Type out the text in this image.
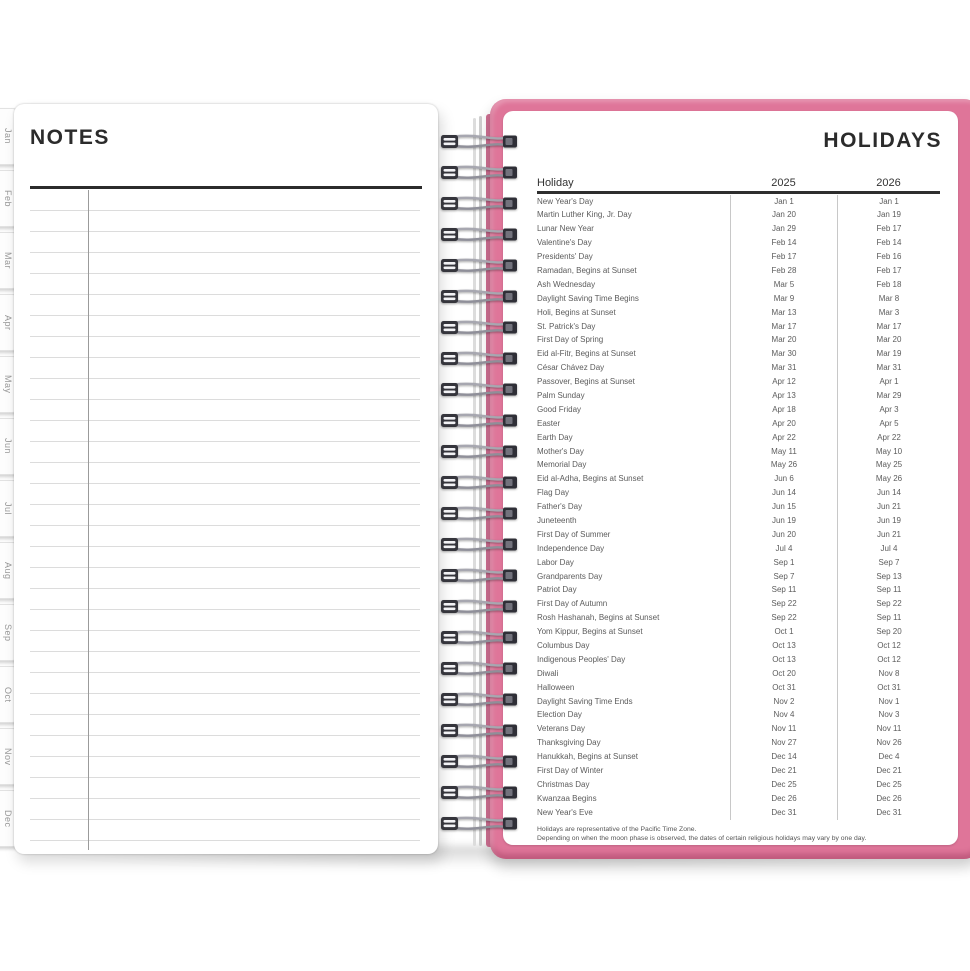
Jan
Feb
Mar
Apr
May
Jun
Jul
Aug
Sep
Oct
Nov
Dec
NOTES	HOLIDAYS
Holiday	2025	2026
New Year's Day	Jan 1	Jan 1
Martin Luther King, Jr. Day	Jan 20	Jan 19
Lunar New Year	Jan 29	Feb 17
Valentine's Day	Feb 14	Feb 14
Presidents' Day	Feb 17	Feb 16
Ramadan, Begins at Sunset	Feb 28	Feb 17
Ash Wednesday	Mar 5	Feb 18
Daylight Saving Time Begins	Mar 9	Mar 8
Holi, Begins at Sunset	Mar 13	Mar 3
St. Patrick's Day	Mar 17	Mar 17
First Day of Spring	Mar 20	Mar 20
Eid al-Fitr, Begins at Sunset	Mar 30	Mar 19
César Chávez Day	Mar 31	Mar 31
Passover, Begins at Sunset	Apr 12	Apr 1
Palm Sunday	Apr 13	Mar 29
Good Friday	Apr 18	Apr 3
Easter	Apr 20	Apr 5
Earth Day	Apr 22	Apr 22
Mother's Day	May 11	May 10
Memorial Day	May 26	May 25
Eid al-Adha, Begins at Sunset	Jun 6	May 26
Flag Day	Jun 14	Jun 14
Father's Day	Jun 15	Jun 21
Juneteenth	Jun 19	Jun 19
First Day of Summer	Jun 20	Jun 21
Independence Day	Jul 4	Jul 4
Labor Day	Sep 1	Sep 7
Grandparents Day	Sep 7	Sep 13
Patriot Day	Sep 11	Sep 11
First Day of Autumn	Sep 22	Sep 22
Rosh Hashanah, Begins at Sunset	Sep 22	Sep 11
Yom Kippur, Begins at Sunset	Oct 1	Sep 20
Columbus Day	Oct 13	Oct 12
Indigenous Peoples' Day	Oct 13	Oct 12
Diwali	Oct 20	Nov 8
Halloween	Oct 31	Oct 31
Daylight Saving Time Ends	Nov 2	Nov 1
Election Day	Nov 4	Nov 3
Veterans Day	Nov 11	Nov 11
Thanksgiving Day	Nov 27	Nov 26
Hanukkah, Begins at Sunset	Dec 14	Dec 4
First Day of Winter	Dec 21	Dec 21
Christmas Day	Dec 25	Dec 25
Kwanzaa Begins	Dec 26	Dec 26
New Year's Eve	Dec 31	Dec 31
Holidays are representative of the Pacific Time Zone.
Depending on when the moon phase is observed, the dates of certain religious holidays may vary by one day.
